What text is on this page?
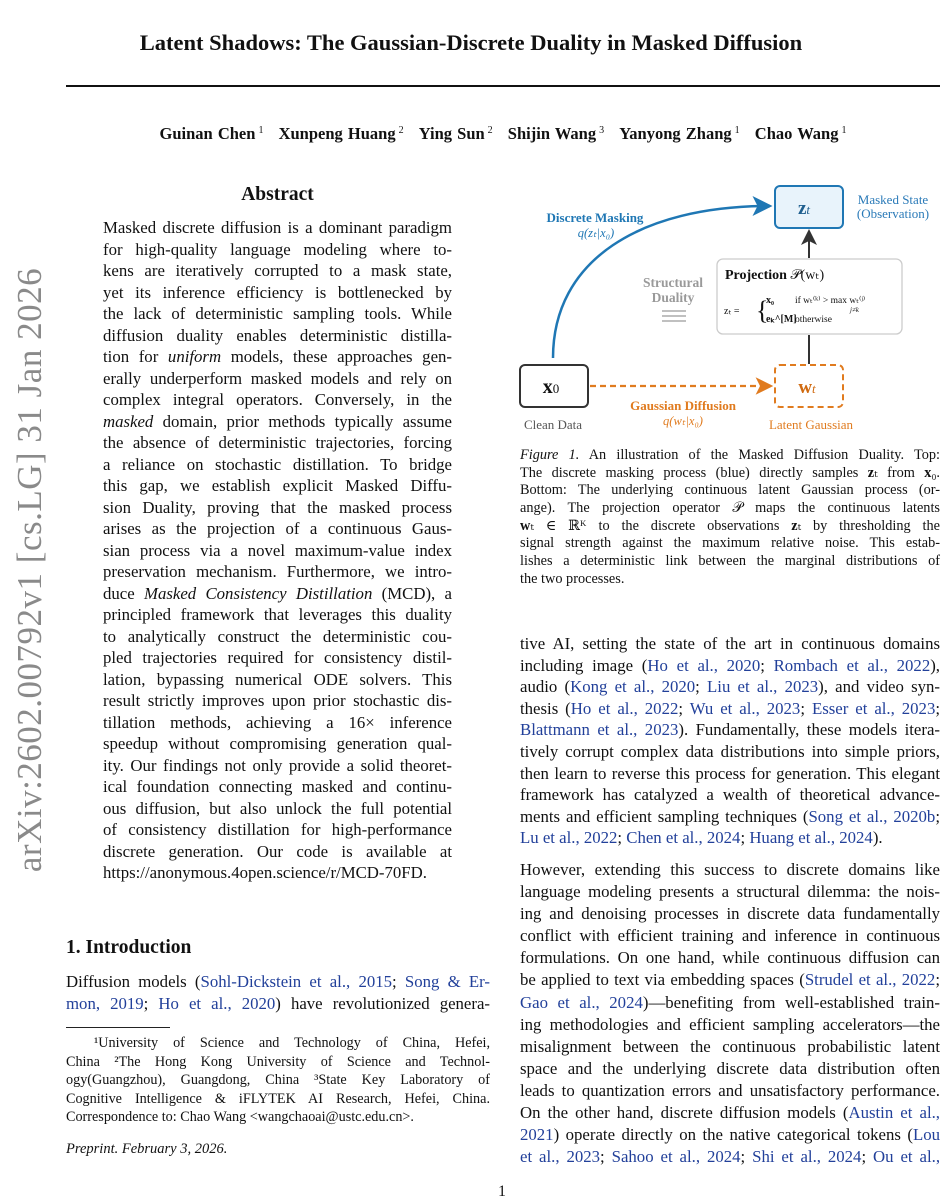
Latent Shadows: The Gaussian-Discrete Duality in Masked Diffusion
Guinan Chen $^1$ Xunpeng Huang $^2$ Ying Sun $^2$ Shijin Wang $^3$ Yanyong Zhang $^1$ Chao Wang $^1$
arXiv:2602.00792v1 [cs.LG] 31 Jan 2026
Abstract
Masked discrete diffusion is a dominant paradigm
for high-quality language modeling where to-
kens are iteratively corrupted to a mask state,
yet its inference efficiency is bottlenecked by
the lack of deterministic sampling tools. While
diffusion duality enables deterministic distilla-
tion for uniform models, these approaches gen-
erally underperform masked models and rely on
complex integral operators. Conversely, in the
masked domain, prior methods typically assume
the absence of deterministic trajectories, forcing
a reliance on stochastic distillation. To bridge
this gap, we establish explicit Masked Diffu-
sion Duality, proving that the masked process
arises as the projection of a continuous Gaus-
sian process via a novel maximum-value index
preservation mechanism. Furthermore, we intro-
duce Masked Consistency Distillation (MCD), a
principled framework that leverages this duality
to analytically construct the deterministic cou-
pled trajectories required for consistency distil-
lation, bypassing numerical ODE solvers. This
result strictly improves upon prior stochastic dis-
tillation methods, achieving a 16× inference
speedup without compromising generation qual-
ity. Our findings not only provide a solid theoret-
ical foundation connecting masked and continu-
ous diffusion, but also unlock the full potential
of consistency distillation for high-performance
discrete generation. Our code is available at
https://anonymous.4open.science/r/MCD-70FD.
1. Introduction
Diffusion models (Sohl-Dickstein et al., 2015; Song & Er-
mon, 2019; Ho et al., 2020) have revolutionized genera-
¹University of Science and Technology of China, Hefei,
China ²The Hong Kong University of Science and Technol-
ogy(Guangzhou), Guangdong, China ³State Key Laboratory of
Cognitive Intelligence & iFLYTEK AI Research, Hefei, China.
Correspondence to: Chao Wang <wangchaoai@ustc.edu.cn>.
Preprint. February 3, 2026.
1
zt
Masked State
(Observation)
Discrete Masking
q(zₜ|x₀)
Structural
Duality
Projection 𝒫(wₜ)
zₜ = {
x₀ if wₜ⁽ᵏ⁾ > max wₜ⁽ʲ⁾
j≠k
eₖ^[M]
otherwise
x0	wt
Gaussian Diffusion
q(wₜ|x₀)
Clean Data	Latent Gaussian
Figure 1. An illustration of the Masked Diffusion Duality. Top:
The discrete masking process (blue) directly samples zₜ from x₀.
Bottom: The underlying continuous latent Gaussian process (or-
ange). The projection operator 𝒫 maps the continuous latents
wₜ ∈ ℝᴷ to the discrete observations zₜ by thresholding the
signal strength against the maximum relative noise. This estab-
lishes a deterministic link between the marginal distributions of
the two processes.
tive AI, setting the state of the art in continuous domains
including image (Ho et al., 2020; Rombach et al., 2022),
audio (Kong et al., 2020; Liu et al., 2023), and video syn-
thesis (Ho et al., 2022; Wu et al., 2023; Esser et al., 2023;
Blattmann et al., 2023). Fundamentally, these models itera-
tively corrupt complex data distributions into simple priors,
then learn to reverse this process for generation. This elegant
framework has catalyzed a wealth of theoretical advance-
ments and efficient sampling techniques (Song et al., 2020b;
Lu et al., 2022; Chen et al., 2024; Huang et al., 2024).
However, extending this success to discrete domains like
language modeling presents a structural dilemma: the nois-
ing and denoising processes in discrete data fundamentally
conflict with efficient training and inference in continuous
formulations. On one hand, while continuous diffusion can
be applied to text via embedding spaces (Strudel et al., 2022;
Gao et al., 2024)—benefiting from well-established train-
ing methodologies and efficient sampling accelerators—the
misalignment between the continuous probabilistic latent
space and the underlying discrete data distribution often
leads to quantization errors and unsatisfactory performance.
On the other hand, discrete diffusion models (Austin et al.,
2021) operate directly on the native categorical tokens (Lou
et al., 2023; Sahoo et al., 2024; Shi et al., 2024; Ou et al.,
